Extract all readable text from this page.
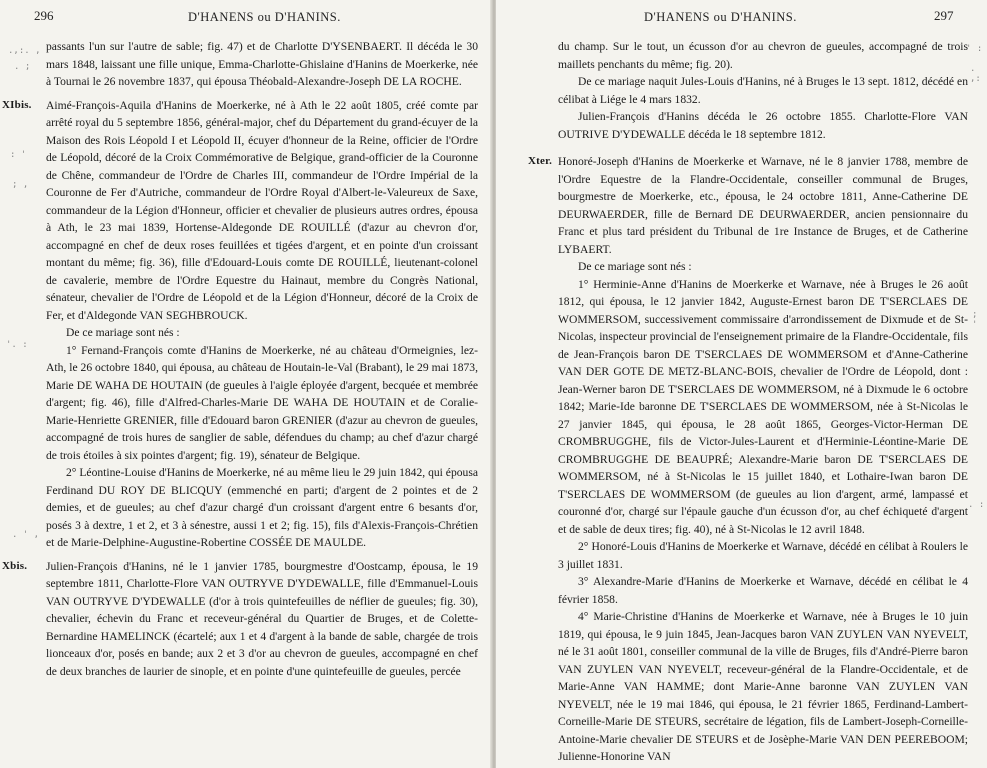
296	D'HANENS ou D'HANINS.
.,:. ,
. ;
: '
; ,
'. :
. ' ,

passants l'un sur l'autre de sable; fig. 47) et de Charlotte D'YSENBAERT. Il décéda le 30 mars 1848, laissant une fille unique, Emma-Charlotte-Ghislaine d'Hanins de Moerkerke, née à Tournai le 26 novembre 1837, qui épousa Théobald-Alexandre-Joseph DE LA ROCHE.

XIbis. Aimé-François-Aquila d'Hanins de Moerkerke, né à Ath le 22 août 1805, créé comte par arrêté royal du 5 septembre 1856, général-major, chef du Département du grand-écuyer de la Maison des Rois Léopold I et Léopold II, écuyer d'honneur de la Reine, officier de l'Ordre de Léopold, décoré de la Croix Commémorative de Belgique, grand-officier de la Couronne de Chêne, commandeur de l'Ordre de Charles III, commandeur de l'Ordre Impérial de la Couronne de Fer d'Autriche, commandeur de l'Ordre Royal d'Albert-le-Valeureux de Saxe, commandeur de la Légion d'Honneur, officier et chevalier de plusieurs autres ordres, épousa à Ath, le 23 mai 1839, Hortense-Aldegonde DE ROUILLÉ (d'azur au chevron d'or, accompagné en chef de deux roses feuillées et tigées d'argent, et en pointe d'un croissant montant du même; fig. 36), fille d'Edouard-Louis comte DE ROUILLÉ, lieutenant-colonel de cavalerie, membre de l'Ordre Equestre du Hainaut, membre du Congrès National, sénateur, chevalier de l'Ordre de Léopold et de la Légion d'Honneur, décoré de la Croix de Fer, et d'Aldegonde VAN SEGHBROUCK.

De ce mariage sont nés :

1° Fernand-François comte d'Hanins de Moerkerke, né au château d'Ormeignies, lez-Ath, le 26 octobre 1840, qui épousa, au château de Houtain-le-Val (Brabant), le 29 mai 1873, Marie DE WAHA DE HOUTAIN (de gueules à l'aigle éployée d'argent, becquée et membrée d'argent; fig. 46), fille d'Alfred-Charles-Marie DE WAHA DE HOUTAIN et de Coralie-Marie-Henriette GRENIER, fille d'Edouard baron GRENIER (d'azur au chevron de gueules, accompagné de trois hures de sanglier de sable, défendues du champ; au chef d'azur chargé de trois étoiles à six pointes d'argent; fig. 19), sénateur de Belgique.

2° Léontine-Louise d'Hanins de Moerkerke, né au même lieu le 29 juin 1842, qui épousa Ferdinand DU ROY DE BLICQUY (emmenché en parti; d'argent de 2 pointes et de 2 demies, et de gueules; au chef d'azur chargé d'un croissant d'argent entre 6 besants d'or, posés 3 à dextre, 1 et 2, et 3 à sénestre, aussi 1 et 2; fig. 15), fils d'Alexis-François-Chrétien et de Marie-Delphine-Augustine-Robertine COSSÉE DE MAULDE.

Xbis. Julien-François d'Hanins, né le 1 janvier 1785, bourgmestre d'Oostcamp, épousa, le 19 septembre 1811, Charlotte-Flore VAN OUTRYVE D'YDEWALLE, fille d'Emmanuel-Louis VAN OUTRYVE D'YDEWALLE (d'or à trois quintefeuilles de néflier de gueules; fig. 30), chevalier, échevin du Franc et receveur-général du Quartier de Bruges, et de Colette-Bernardine HAMELINCK (écartelé; aux 1 et 4 d'argent à la bande de sable, chargée de trois lionceaux d'or, posés en bande; aux 2 et 3 d'or au chevron de gueules, accompagné en chef de deux branches de laurier de sinople, et en pointe d'une quintefeuille de gueules, percée

D'HANENS ou D'HANINS.	297
' :
. ,:
; '
. :

du champ. Sur le tout, un écusson d'or au chevron de gueules, accompagné de trois maillets penchants du même; fig. 20).

De ce mariage naquit Jules-Louis d'Hanins, né à Bruges le 13 sept. 1812, décédé en célibat à Liége le 4 mars 1832.

Julien-François d'Hanins décéda le 26 octobre 1855. Charlotte-Flore VAN OUTRIVE D'YDEWALLE décéda le 18 septembre 1812.

Xter. Honoré-Joseph d'Hanins de Moerkerke et Warnave, né le 8 janvier 1788, membre de l'Ordre Equestre de la Flandre-Occidentale, conseiller communal de Bruges, bourgmestre de Moerkerke, etc., épousa, le 24 octobre 1811, Anne-Catherine DE DEURWAERDER, fille de Bernard DE DEURWAERDER, ancien pensionnaire du Franc et plus tard président du Tribunal de 1re Instance de Bruges, et de Catherine LYBAERT.

De ce mariage sont nés :

1° Herminie-Anne d'Hanins de Moerkerke et Warnave, née à Bruges le 26 août 1812, qui épousa, le 12 janvier 1842, Auguste-Ernest baron DE T'SERCLAES DE WOMMERSOM, successivement commissaire d'arrondissement de Dixmude et de St-Nicolas, inspecteur provincial de l'enseignement primaire de la Flandre-Occidentale, fils de Jean-François baron DE T'SERCLAES DE WOMMERSOM et d'Anne-Catherine VAN DER GOTE DE METZ-BLANC-BOIS, chevalier de l'Ordre de Léopold, dont : Jean-Werner baron DE T'SERCLAES DE WOMMERSOM, né à Dixmude le 6 octobre 1842; Marie-Ide baronne DE T'SERCLAES DE WOMMERSOM, née à St-Nicolas le 27 janvier 1845, qui épousa, le 28 août 1865, Georges-Victor-Herman DE CROMBRUGGHE, fils de Victor-Jules-Laurent et d'Herminie-Léontine-Marie DE CROMBRUGGHE DE BEAUPRÉ; Alexandre-Marie baron DE T'SERCLAES DE WOMMERSOM, né à St-Nicolas le 15 juillet 1840, et Lothaire-Iwan baron DE T'SERCLAES DE WOMMERSOM (de gueules au lion d'argent, armé, lampassé et couronné d'or, chargé sur l'épaule gauche d'un écusson d'or, au chef échiqueté d'argent et de sable de deux tires; fig. 40), né à St-Nicolas le 12 avril 1848.

2° Honoré-Louis d'Hanins de Moerkerke et Warnave, décédé en célibat à Roulers le 3 juillet 1831.

3° Alexandre-Marie d'Hanins de Moerkerke et Warnave, décédé en célibat le 4 février 1858.

4° Marie-Christine d'Hanins de Moerkerke et Warnave, née à Bruges le 10 juin 1819, qui épousa, le 9 juin 1845, Jean-Jacques baron VAN ZUYLEN VAN NYEVELT, né le 31 août 1801, conseiller communal de la ville de Bruges, fils d'André-Pierre baron VAN ZUYLEN VAN NYEVELT, receveur-général de la Flandre-Occidentale, et de Marie-Anne VAN HAMME; dont Marie-Anne baronne VAN ZUYLEN VAN NYEVELT, née le 19 mai 1846, qui épousa, le 21 février 1865, Ferdinand-Lambert-Corneille-Marie DE STEURS, secrétaire de légation, fils de Lambert-Joseph-Corneille-Antoine-Marie chevalier DE STEURS et de Josèphe-Marie VAN DEN PEEREBOOM; Julienne-Honorine VAN
